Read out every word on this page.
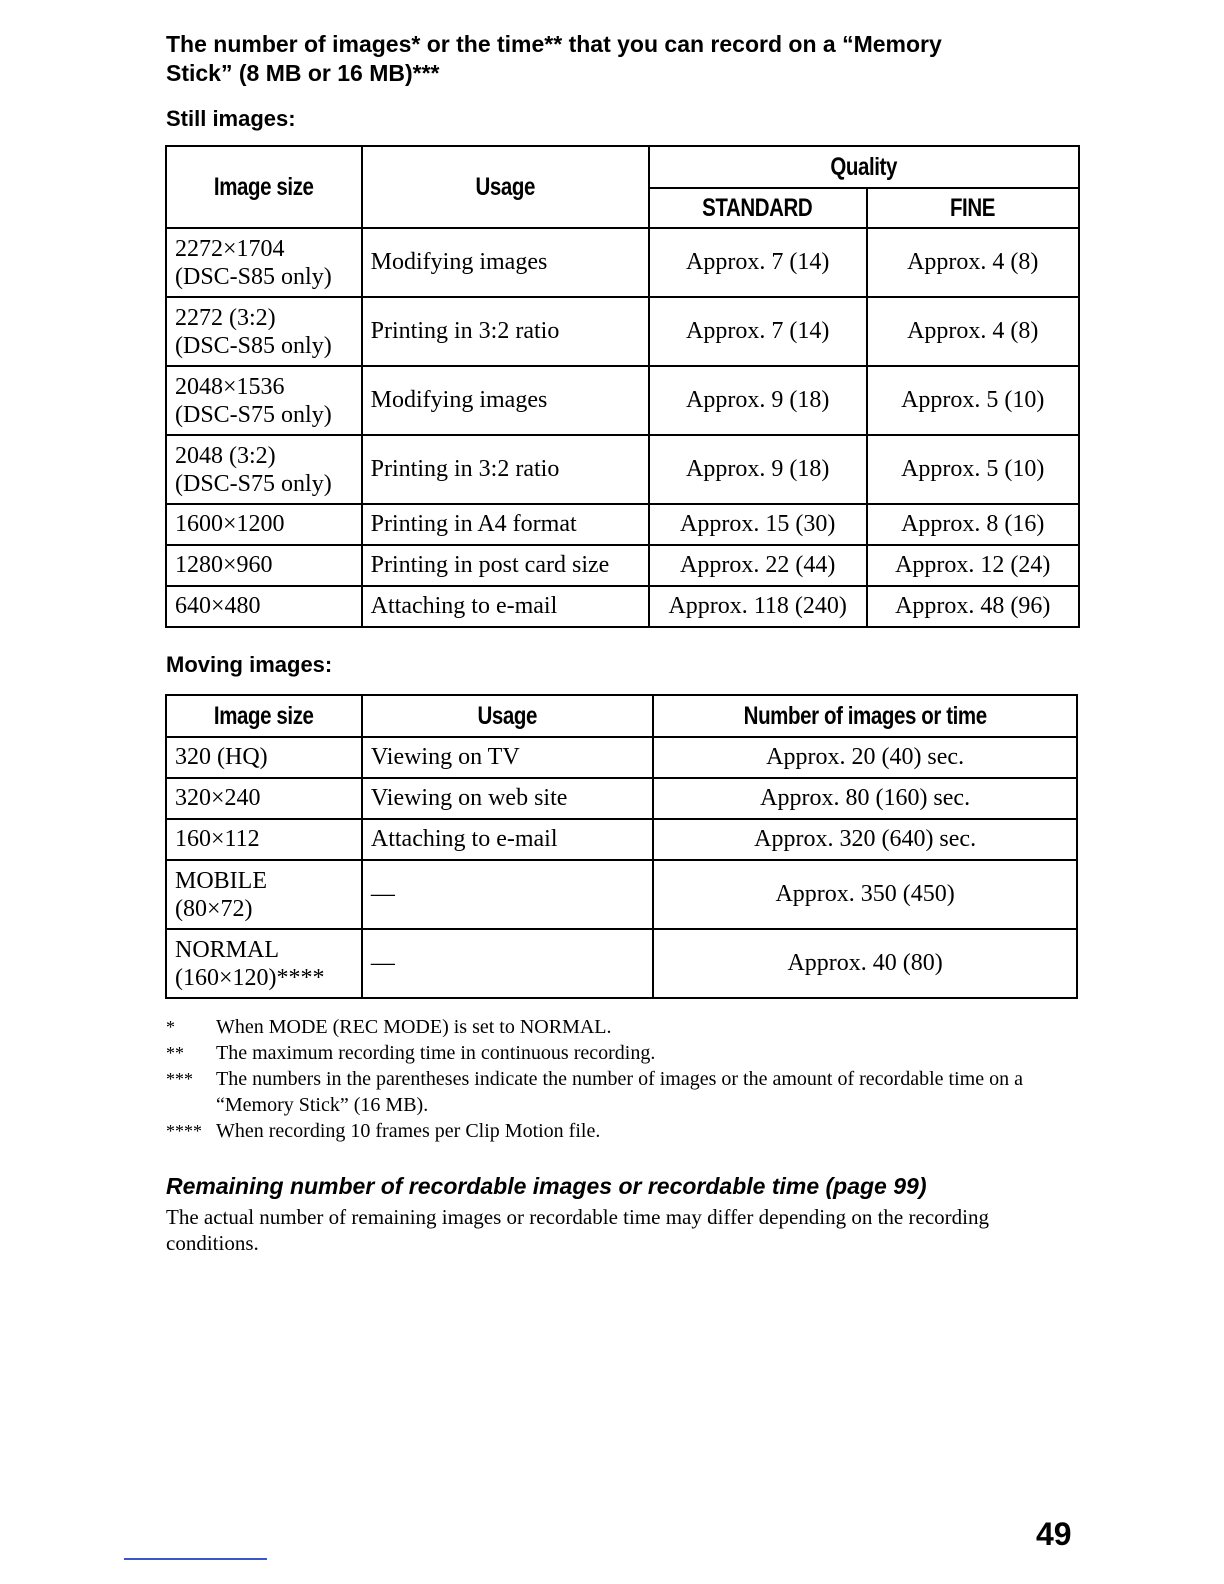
The number of images* or the time** that you can record on a “Memory
Stick” (8 MB or 16 MB)***
Still images:
Image size	Usage	Quality	
		STANDARD	FINE

2272×1704
(DSC-S85 only)	Modifying images	Approx. 7 (14)	Approx. 4 (8)

2272 (3:2)
(DSC-S85 only)	Printing in 3:2 ratio	Approx. 7 (14)	Approx. 4 (8)

2048×1536
(DSC-S75 only)	Modifying images	Approx. 9 (18)	Approx. 5 (10)

2048 (3:2)
(DSC-S75 only)	Printing in 3:2 ratio	Approx. 9 (18)	Approx. 5 (10)
1600×1200	Printing in A4 format	Approx. 15 (30)	Approx. 8 (16)
1280×960	Printing in post card size	Approx. 22 (44)	Approx. 12 (24)
640×480	Attaching to e-mail	Approx. 118 (240)	Approx. 48 (96)
Moving images:
Image size	Usage	Number of images or time
320 (HQ)	Viewing on TV	Approx. 20 (40) sec.
320×240	Viewing on web site	Approx. 80 (160) sec.
160×112	Attaching to e-mail	Approx. 320 (640) sec.

MOBILE
(80×72)	—	Approx. 350 (450)

NORMAL
(160×120)****	—	Approx. 40 (80)
*	When MODE (REC MODE) is set to NORMAL.
**	The maximum recording time in continuous recording.
***	The numbers in the parentheses indicate the number of images or the amount of recordable time on a “Memory Stick” (16 MB).
**** When recording 10 frames per Clip Motion file.
Remaining number of recordable images or recordable time (page 99)
The actual number of remaining images or recordable time may differ depending on the recording conditions.
49
